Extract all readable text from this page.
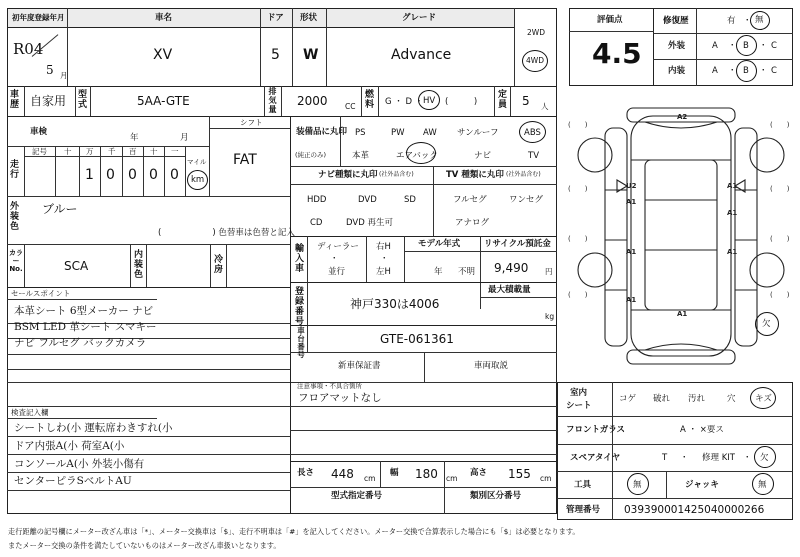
初年度登録年月	車名	ドア 形状	グレード
R04
5 月
XV	5 W	Advance
2WD
4WD
車歴 自家用 型式	5AA-GTE
排気量
2000 CC
燃料 G ・ D ・ HV (　　　)
定員 5 人
車検
年	月
シフト
FAT
走行
記号 十 万 千 百 十 一
1 0 0 0 0
マイル
km
外装色
ブルー
(　　　　　　) 色替車は色替と記入
カラーNo.	SCA
内装色
冷房
セールスポイント
本革シート 6型メーカー ナビ
BSM LED 革シート スマキー
ナビ フルセグ バックカメラ
検査記入欄
シートしわ(小 運転席わきすれ(小
ドア内張A(小 荷室A(小
コンソールA(小 外装小傷有
センターピラSベルトAU
装備品に丸印
(純正のみ)
PS	PW AW サンルーフ	ABS
本革	エアバック	ナビ	TV
ナビ種類に丸印 (社外品含む)	TV 種類に丸印 (社外品含む)
HDD	DVD	SD
CD	DVD 再生可
フルセグ	ワンセグ
アナログ
輸入車
ディーラー
・
並行
右H
・
左H
モデル年式
年 不明
リサイクル預託金
9,490 円
登録番号
神戸330は4006
最大積載量
kg
車台番号
GTE-061361
新車保証書	車両取説
注意事項・不具合箇所
フロアマットなし
長さ 448 cm
幅 180 cm
高さ 155 cm
型式指定番号	類別区分番号
評価点
4.5
修復歴	有 ・ 無
外装	A ・ B ・ C
内装	A ・ B ・ C
(　　)	(　　)
(　　)	(　　)
(　　)	(　　)
(　　)	(　　)
A2
U2
A1
A1
A1
A1	A1
A1
A1
欠
室内
シート
コゲ 破れ 汚れ	穴 キズ
フロントガラス	A ・ ×要ス
スペアタイヤ	T ・ 修理 KIT ・ 欠
工具	無	ジャッキ	無
管理番号 039390001425040000266
走行距離の記号欄にメーター改ざん車は「*」、メーター交換車は「$」、走行不明車は「#」を記入してください。メーター交換で合算表示した場合にも「$」は必要となります。
またメーター交換の条件を満たしていないものはメーター改ざん車扱いとなります。
